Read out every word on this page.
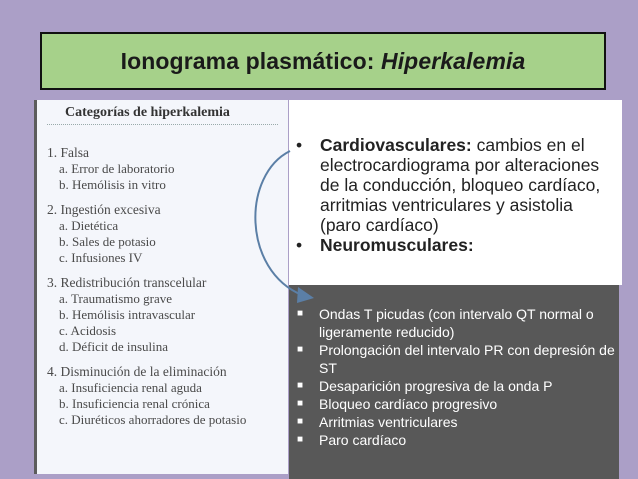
Ionograma plasmático: Hiperkalemia
Categorías de hiperkalemia
1. Falsa
a. Error de laboratorio
b. Hemólisis in vitro
2. Ingestión excesiva
a. Dietética
b. Sales de potasio
c. Infusiones IV
3. Redistribución transcelular
a. Traumatismo grave
b. Hemólisis intravascular
c. Acidosis
d. Déficit de insulina
4. Disminución de la eliminación
a. Insuficiencia renal aguda
b. Insuficiencia renal crónica
c. Diuréticos ahorradores de potasio
•	Cardiovasculares: cambios en el electrocardiograma por alteraciones de la conducción, bloqueo cardíaco, arritmias ventriculares y asistolia (paro cardíaco)
•	Neuromusculares:
■	Ondas T picudas (con intervalo QT normal o ligeramente reducido)
■	Prolongación del intervalo PR con depresión de ST
■	Desaparición progresiva de la onda P
■	Bloqueo cardíaco progresivo
■	Arritmias ventriculares
■	Paro cardíaco
